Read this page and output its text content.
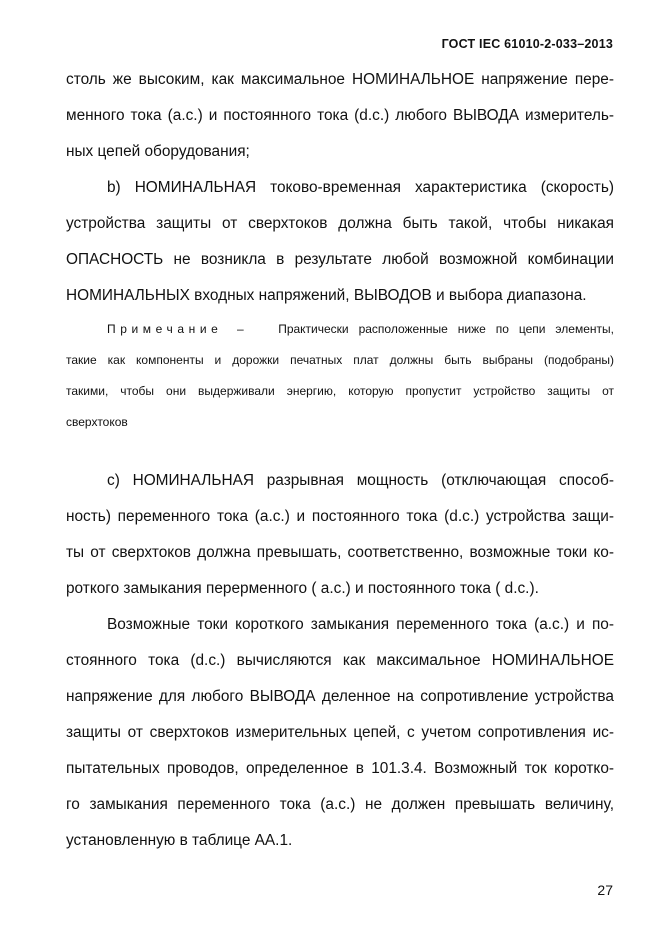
ГОСТ IEC 61010-2-033–2013
столь же высоким, как максимальное НОМИНАЛЬНОЕ напряжение пере-
менного тока (a.c.) и постоянного тока (d.c.) любого ВЫВОДА измеритель-
ных цепей оборудования;
b) НОМИНАЛЬНАЯ токово-временная характеристика (скорость)
устройства защиты от сверхтоков должна быть такой, чтобы никакая
ОПАСНОСТЬ не возникла в результате любой возможной комбинации
НОМИНАЛЬНЫХ входных напряжений, ВЫВОДОВ и выбора диапазона.
Примечание – Практически расположенные ниже по цепи элементы,
такие как компоненты и дорожки печатных плат должны быть выбраны (подобраны)
такими, чтобы они выдерживали энергию, которую пропустит устройство защиты от
сверхтоков
c) НОМИНАЛЬНАЯ разрывная мощность (отключающая способ-
ность) переменного тока (a.c.) и постоянного тока (d.c.) устройства защи-
ты от сверхтоков должна превышать, соответственно, возможные токи ко-
роткого замыкания перерменного ( a.c.) и постоянного тока ( d.c.).
Возможные токи короткого замыкания переменного тока (a.c.) и по-
стоянного тока (d.c.) вычисляются как максимальное НОМИНАЛЬНОЕ
напряжение для любого ВЫВОДА деленное на сопротивление устройства
защиты от сверхтоков измерительных цепей, с учетом сопротивления ис-
пытательных проводов, определенное в 101.3.4. Возможный ток коротко-
го замыкания переменного тока (a.c.) не должен превышать величину,
установленную в таблице АА.1.
27
